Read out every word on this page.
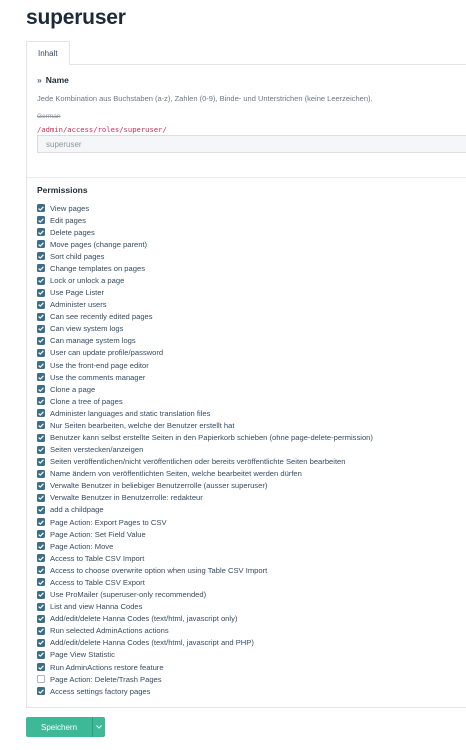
superuser
Inhalt
» Name
Jede Kombination aus Buchstaben (a-z), Zahlen (0-9), Binde- und Unterstrichen (keine Leerzeichen).
German
/admin/access/roles/superuser/
superuser
Permissions
View pages
Edit pages
Delete pages
Move pages (change parent)
Sort child pages
Change templates on pages
Lock or unlock a page
Use Page Lister
Administer users
Can see recently edited pages
Can view system logs
Can manage system logs
User can update profile/password
Use the front-end page editor
Use the comments manager
Clone a page
Clone a tree of pages
Administer languages and static translation files
Nur Seiten bearbeiten, welche der Benutzer erstellt hat
Benutzer kann selbst erstellte Seiten in den Papierkorb schieben (ohne page-delete-permission)
Seiten verstecken/anzeigen
Seiten veröffentlichen/nicht veröffentlichen oder bereits veröffentlichte Seiten bearbeiten
Name ändern von veröffentlichten Seiten, welche bearbeitet werden dürfen
Verwalte Benutzer in beliebiger Benutzerrolle (ausser superuser)
Verwalte Benutzer in Benutzerrolle: redakteur
add a childpage
Page Action: Export Pages to CSV
Page Action: Set Field Value
Page Action: Move
Access to Table CSV Import
Access to choose overwrite option when using Table CSV Import
Access to Table CSV Export
Use ProMailer (superuser-only recommended)
List and view Hanna Codes
Add/edit/delete Hanna Codes (text/html, javascript only)
Run selected AdminActions actions
Add/edit/delete Hanna Codes (text/html, javascript and PHP)
Page View Statistic
Run AdminActions restore feature
Page Action: Delete/Trash Pages
Access settings factory pages
Speichern
